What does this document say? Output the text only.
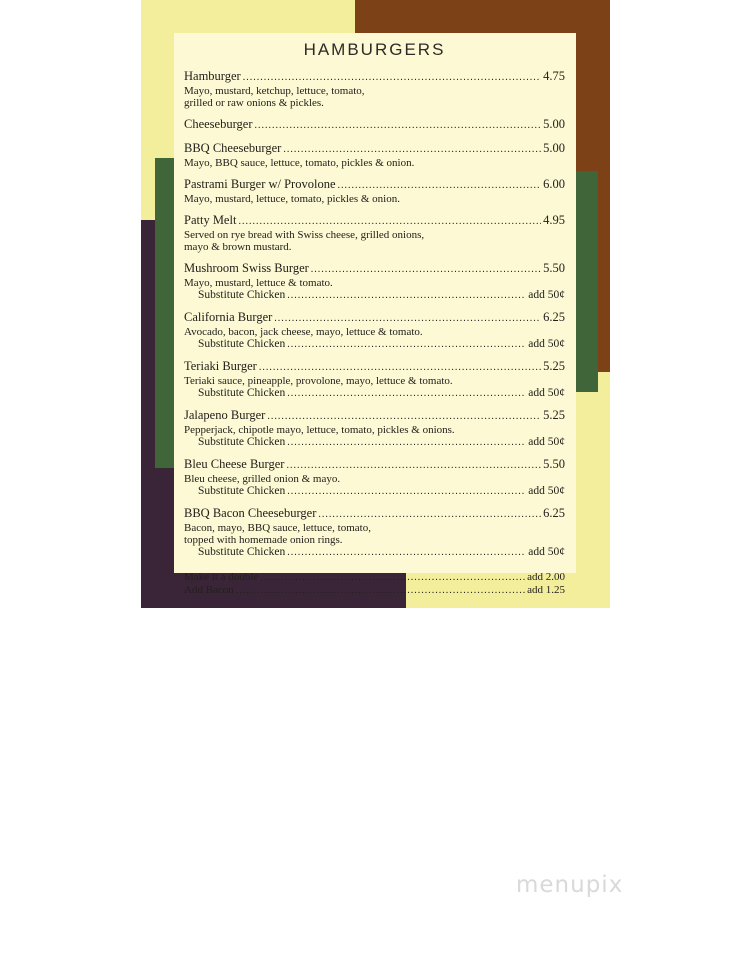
HAMBURGERS
Hamburger .....	4.75
Mayo, mustard, ketchup, lettuce, tomato,
grilled or raw onions & pickles.
Cheeseburger .....	5.00
BBQ Cheeseburger .....	5.00
Mayo, BBQ sauce, lettuce, tomato, pickles & onion.
Pastrami Burger w/ Provolone .....	6.00
Mayo, mustard, lettuce, tomato, pickles & onion.
Patty Melt .....	4.95
Served on rye bread with Swiss cheese, grilled onions,
mayo & brown mustard.
Mushroom Swiss Burger .....	5.50
Mayo, mustard, lettuce & tomato.
Substitute Chicken .....	add 50¢
California Burger .....	6.25
Avocado, bacon, jack cheese, mayo, lettuce & tomato.
Substitute Chicken .....	add 50¢
Teriaki Burger .....	5.25
Teriaki sauce, pineapple, provolone, mayo, lettuce & tomato.
Substitute Chicken .....	add 50¢
Jalapeno Burger .....	5.25
Pepperjack, chipotle mayo, lettuce, tomato, pickles & onions.
Substitute Chicken .....	add 50¢
Bleu Cheese Burger .....	5.50
Bleu cheese, grilled onion & mayo.
Substitute Chicken .....	add 50¢
BBQ Bacon Cheeseburger .....	6.25
Bacon, mayo, BBQ sauce, lettuce, tomato,
topped with homemade onion rings.
Substitute Chicken .....	add 50¢
Make it a double .....	add 2.00
Add Bacon .....	add 1.25
menupix
